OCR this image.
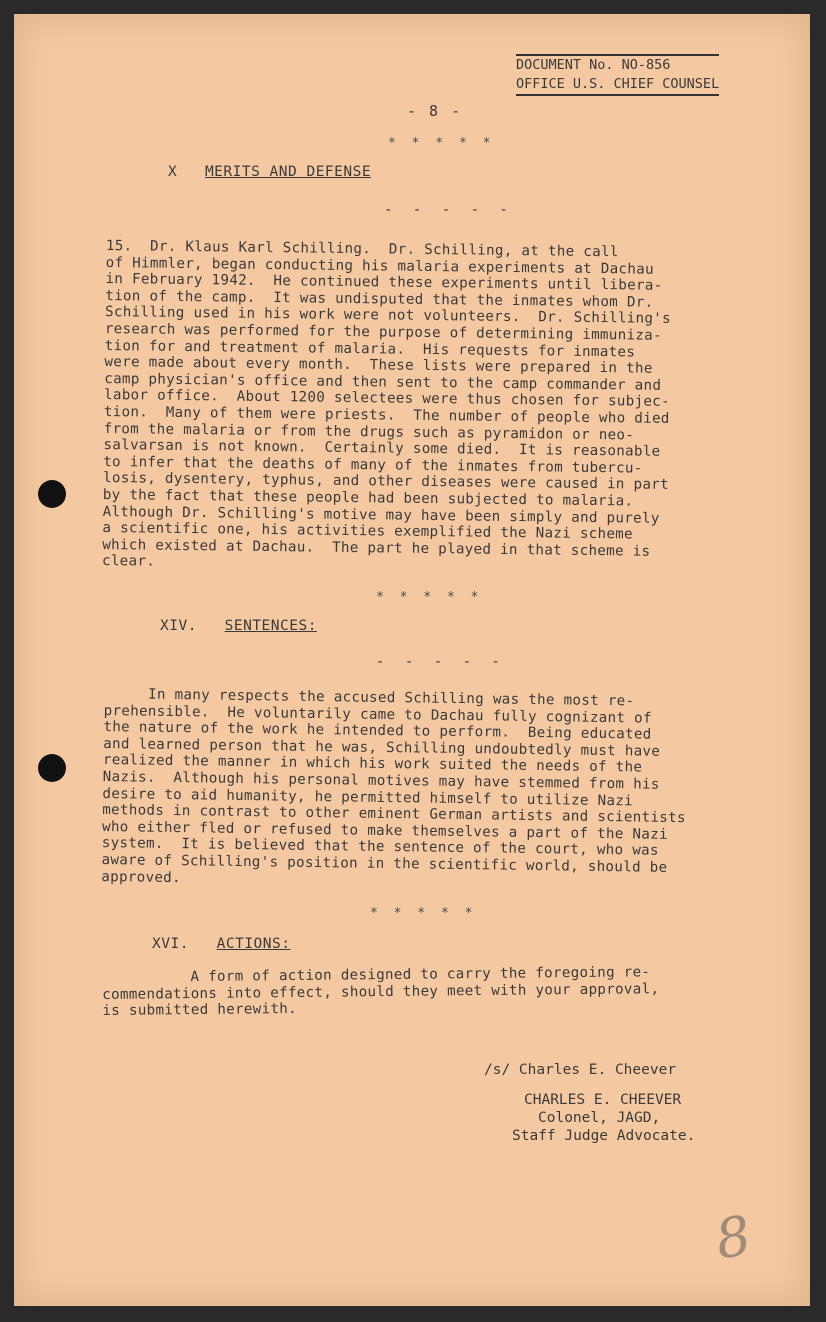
DOCUMENT No. NO-856
OFFICE U.S. CHIEF COUNSEL
- 8 -
* * * * *
X MERITS AND DEFENSE
- - - - -
15.  Dr. Klaus Karl Schilling.  Dr. Schilling, at the call
of Himmler, began conducting his malaria experiments at Dachau
in February 1942.  He continued these experiments until libera-
tion of the camp.  It was undisputed that the inmates whom Dr.
Schilling used in his work were not volunteers.  Dr. Schilling's
research was performed for the purpose of determining immuniza-
tion for and treatment of malaria.  His requests for inmates
were made about every month.  These lists were prepared in the
camp physician's office and then sent to the camp commander and
labor office.  About 1200 selectees were thus chosen for subjec-
tion.  Many of them were priests.  The number of people who died
from the malaria or from the drugs such as pyramidon or neo-
salvarsan is not known.  Certainly some died.  It is reasonable
to infer that the deaths of many of the inmates from tubercu-
losis, dysentery, typhus, and other diseases were caused in part
by the fact that these people had been subjected to malaria.
Although Dr. Schilling's motive may have been simply and purely
a scientific one, his activities exemplified the Nazi scheme
which existed at Dachau.  The part he played in that scheme is
clear.
* * * * *
XIV. SENTENCES:
- - - - -
In many respects the accused Schilling was the most re-
prehensible.  He voluntarily came to Dachau fully cognizant of
the nature of the work he intended to perform.  Being educated
and learned person that he was, Schilling undoubtedly must have
realized the manner in which his work suited the needs of the
Nazis.  Although his personal motives may have stemmed from his
desire to aid humanity, he permitted himself to utilize Nazi
methods in contrast to other eminent German artists and scientists
who either fled or refused to make themselves a part of the Nazi
system.  It is believed that the sentence of the court, who was
aware of Schilling's position in the scientific world, should be
approved.
* * * * *
XVI. ACTIONS:
A form of action designed to carry the foregoing re-
commendations into effect, should they meet with your approval,
is submitted herewith.
/s/ Charles E. Cheever
CHARLES E. CHEEVER
Colonel, JAGD,
Staff Judge Advocate.
8
